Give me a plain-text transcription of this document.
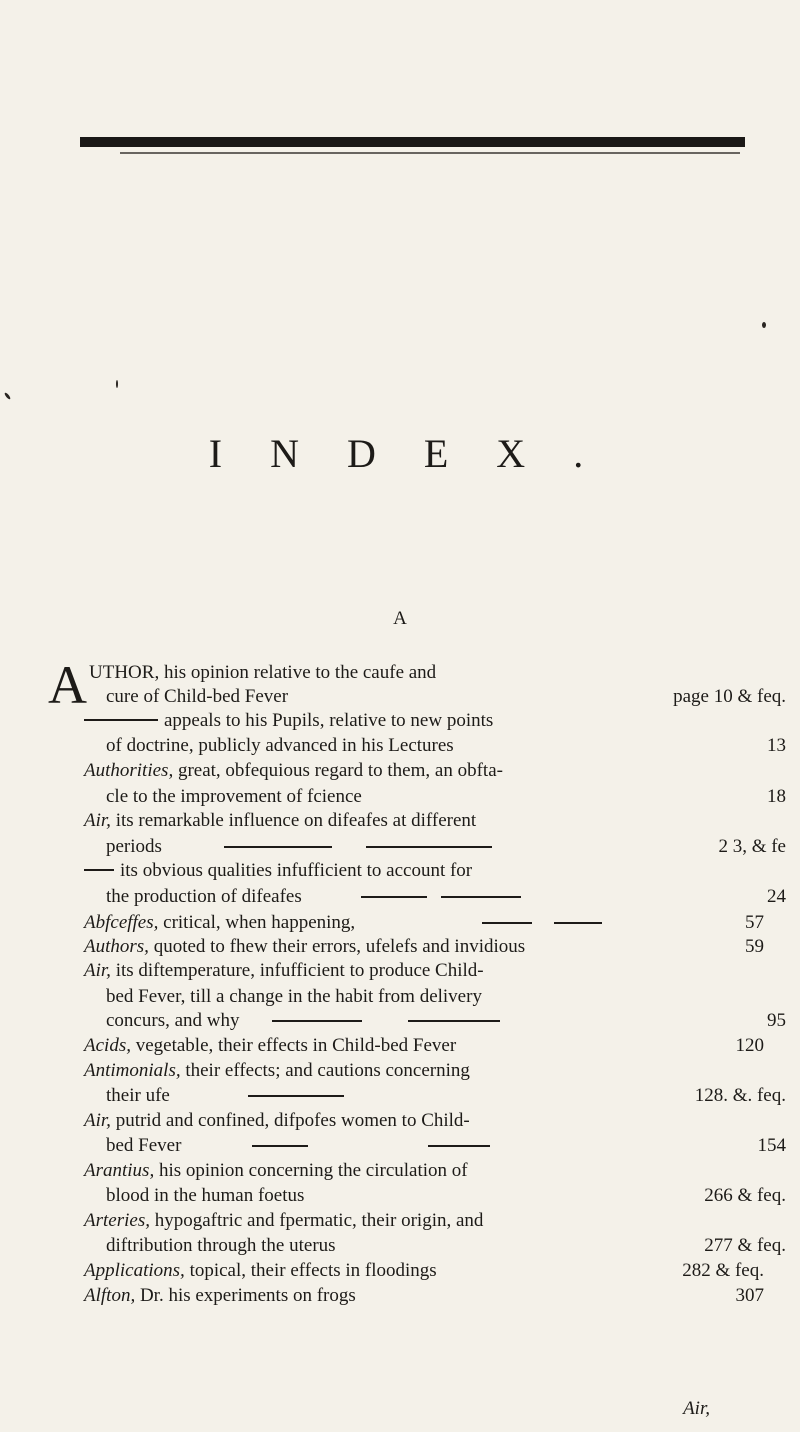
INDEX.
A
A UTHOR, his opinion relative to the caufe and
cure of Child-bed Fever	page 10 & feq.
appeals to his Pupils, relative to new points
of doctrine, publicly advanced in his Lectures	13
Authorities, great, obfequious regard to them, an obfta-
cle to the improvement of fcience	18
Air, its remarkable influence on difeafes at different
periods	2 3, & fe
its obvious qualities infufficient to account for
the production of difeafes	24
Abfceffes, critical, when happening,	57
Authors, quoted to fhew their errors, ufelefs and invidious	59
Air, its diftemperature, infufficient to produce Child-
bed Fever, till a change in the habit from delivery
concurs, and why	95
Acids, vegetable, their effects in Child-bed Fever	120
Antimonials, their effects; and cautions concerning
their ufe	128. &. feq.
Air, putrid and confined, difpofes women to Child-
bed Fever	154
Arantius, his opinion concerning the circulation of
blood in the human foetus	266 & feq.
Arteries, hypogaftric and fpermatic, their origin, and
diftribution through the uterus	277 & feq.
Applications, topical, their effects in floodings	282 & feq.
Alfton, Dr. his experiments on frogs	307
Air,
